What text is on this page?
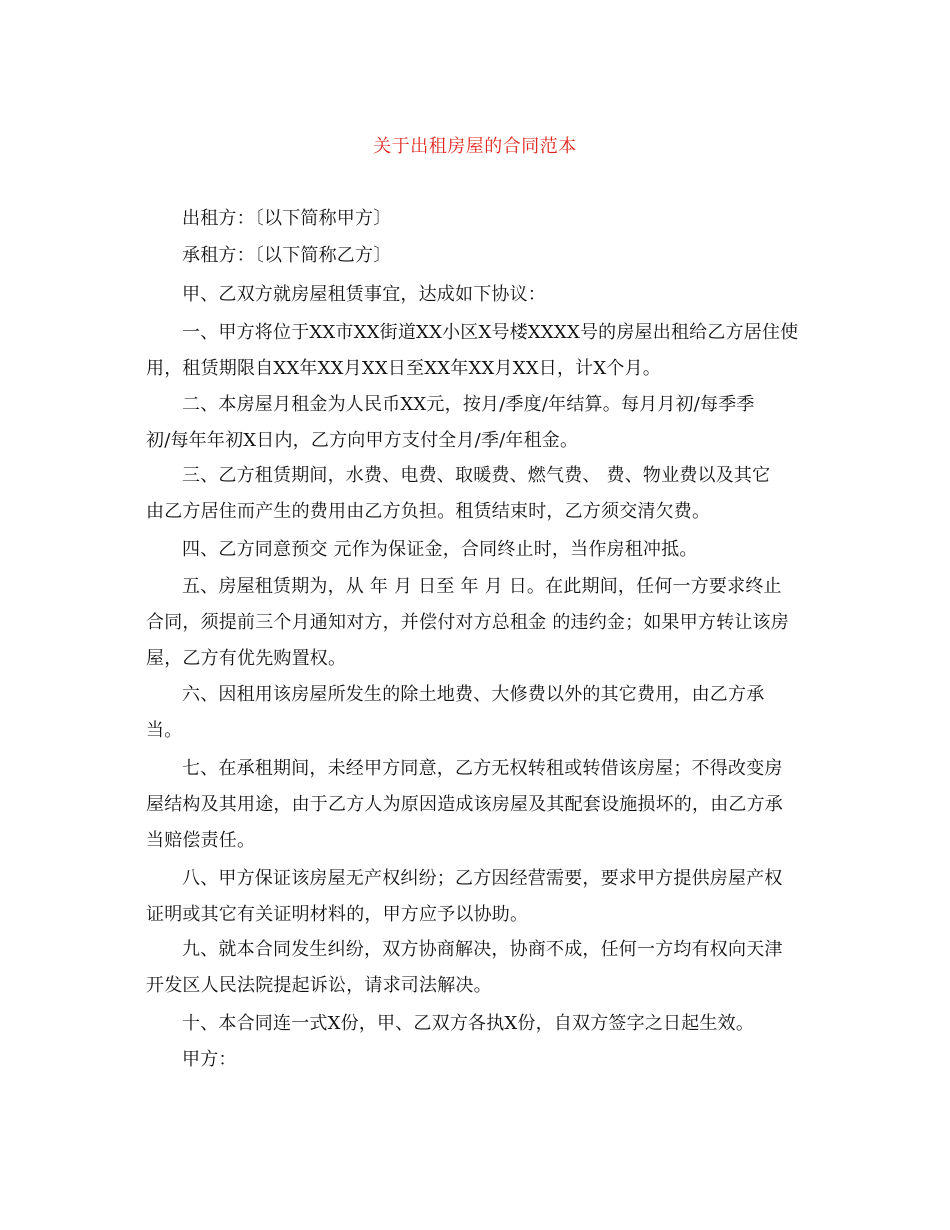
关于出租房屋的合同范本
出租方：〔以下简称甲方〕
承租方：〔以下简称乙方〕
甲、乙双方就房屋租赁事宜，达成如下协议：
一、甲方将位于XX市XX街道XX小区X号楼XXXX号的房屋出租给乙方居住使
用，租赁期限自XX年XX月XX日至XX年XX月XX日，计X个月。
二、本房屋月租金为人民币XX元，按月/季度/年结算。每月月初/每季季
初/每年年初X日内，乙方向甲方支付全月/季/年租金。
三、乙方租赁期间，水费、电费、取暖费、燃气费、 费、物业费以及其它
由乙方居住而产生的费用由乙方负担。租赁结束时，乙方须交清欠费。
四、乙方同意预交 元作为保证金，合同终止时，当作房租冲抵。
五、房屋租赁期为，从 年 月 日至 年 月 日。在此期间，任何一方要求终止
合同，须提前三个月通知对方，并偿付对方总租金 的违约金；如果甲方转让该房
屋，乙方有优先购置权。
六、因租用该房屋所发生的除土地费、大修费以外的其它费用，由乙方承
当。
七、在承租期间，未经甲方同意，乙方无权转租或转借该房屋；不得改变房
屋结构及其用途，由于乙方人为原因造成该房屋及其配套设施损坏的，由乙方承
当赔偿责任。
八、甲方保证该房屋无产权纠纷；乙方因经营需要，要求甲方提供房屋产权
证明或其它有关证明材料的，甲方应予以协助。
九、就本合同发生纠纷，双方协商解决，协商不成，任何一方均有权向天津
开发区人民法院提起诉讼，请求司法解决。
十、本合同连一式X份，甲、乙双方各执X份，自双方签字之日起生效。
甲方：
